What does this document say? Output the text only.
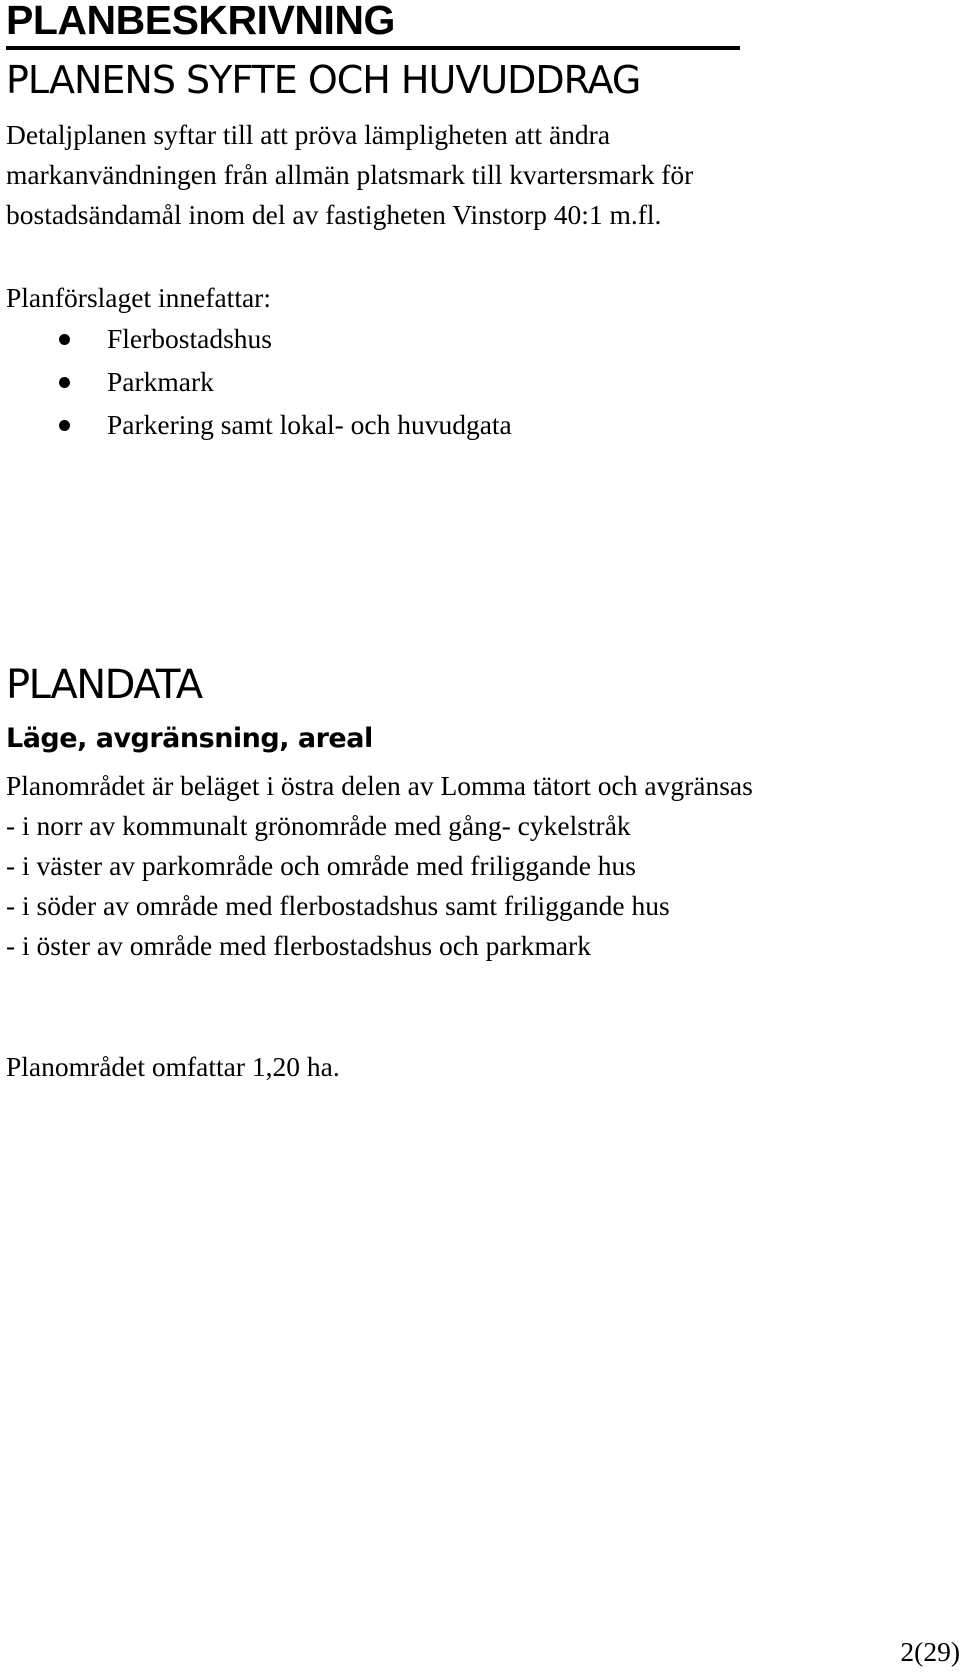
PLANBESKRIVNING
PLANENS SYFTE OCH HUVUDDRAG
Detaljplanen syftar till att pröva lämpligheten att ändra
markanvändningen från allmän platsmark till kvartersmark för
bostadsändamål inom del av fastigheten Vinstorp 40:1 m.fl.
Planförslaget innefattar:
Flerbostadshus
Parkmark
Parkering samt lokal- och huvudgata
PLANDATA
Läge, avgränsning, areal
Planområdet är beläget i östra delen av Lomma tätort och avgränsas
- i norr av kommunalt grönområde med gång- cykelstråk
- i väster av parkområde och område med friliggande hus
- i söder av område med flerbostadshus samt friliggande hus
- i öster av område med flerbostadshus och parkmark
Planområdet omfattar 1,20 ha.
2(29)
